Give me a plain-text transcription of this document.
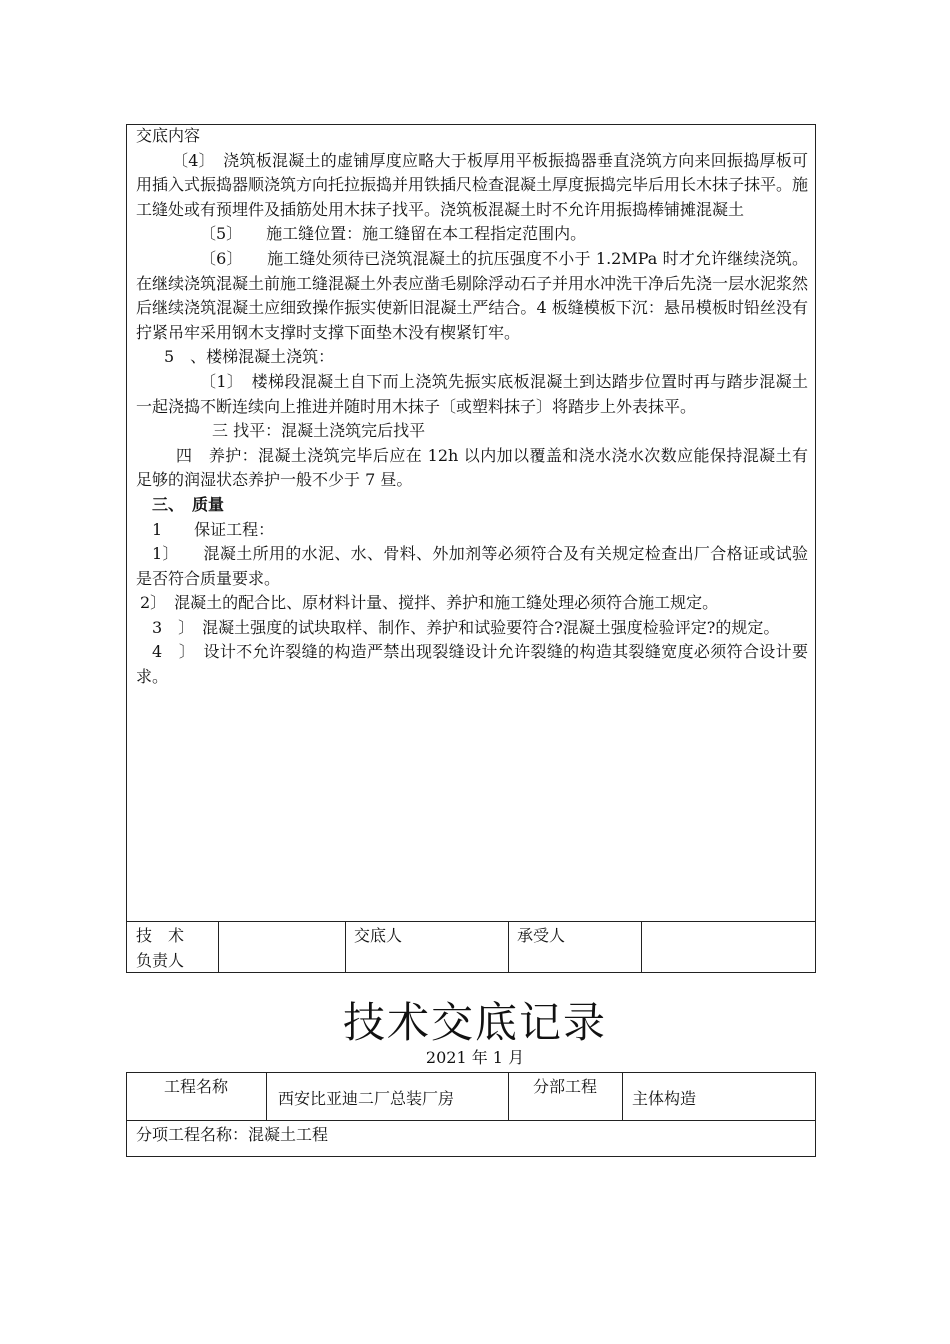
交底内容

〔4〕　浇筑板混凝土的虚铺厚度应略大于板厚用平板振捣器垂直浇筑方向来回振捣厚板可用插入式振捣器顺浇筑方向托拉振捣并用铁插尺检查混凝土厚度振捣完毕后用长木抹子抹平。施工缝处或有预埋件及插筋处用木抹子找平。浇筑板混凝土时不允许用振捣棒铺摊混凝土

〔5〕　　施工缝位置：施工缝留在本工程指定范围内。

〔6〕　　施工缝处须待已浇筑混凝土的抗压强度不小于 1.2MPa 时才允许继续浇筑。在继续浇筑混凝土前施工缝混凝土外表应凿毛剔除浮动石子并用水冲洗干净后先浇一层水泥浆然后继续浇筑混凝土应细致操作振实使新旧混凝土严结合。4 板缝模板下沉：悬吊模板时铅丝没有拧紧吊牢采用钢木支撑时支撑下面垫木没有楔紧钉牢。

5　、楼梯混凝土浇筑：

〔1〕　楼梯段混凝土自下而上浇筑先振实底板混凝土到达踏步位置时再与踏步混凝土一起浇捣不断连续向上推进并随时用木抹子〔或塑料抹子〕将踏步上外表抹平。

三 找平：混凝土浇筑完后找平

四　养护：混凝土浇筑完毕后应在 12h 以内加以覆盖和浇水浇水次数应能保持混凝土有足够的润湿状态养护一般不少于 7 昼。

三、　质量

1　　保证工程：

1〕　　混凝土所用的水泥、水、骨料、外加剂等必须符合及有关规定检查出厂合格证或试验是否符合质量要求。

2〕　混凝土的配合比、原材料计量、搅拌、养护和施工缝处理必须符合施工规定。

3　〕　混凝土强度的试块取样、制作、养护和试验要符合?混凝土强度检验评定?的规定。

4　〕　设计不允许裂缝的构造严禁出现裂缝设计允许裂缝的构造其裂缝宽度必须符合设计要求。

技　术
负责人
交底人	承受人
技术交底记录
2021 年 1 月
工程名称
西安比亚迪二厂总装厂房
分部工程
主体构造
分项工程名称：混凝土工程
